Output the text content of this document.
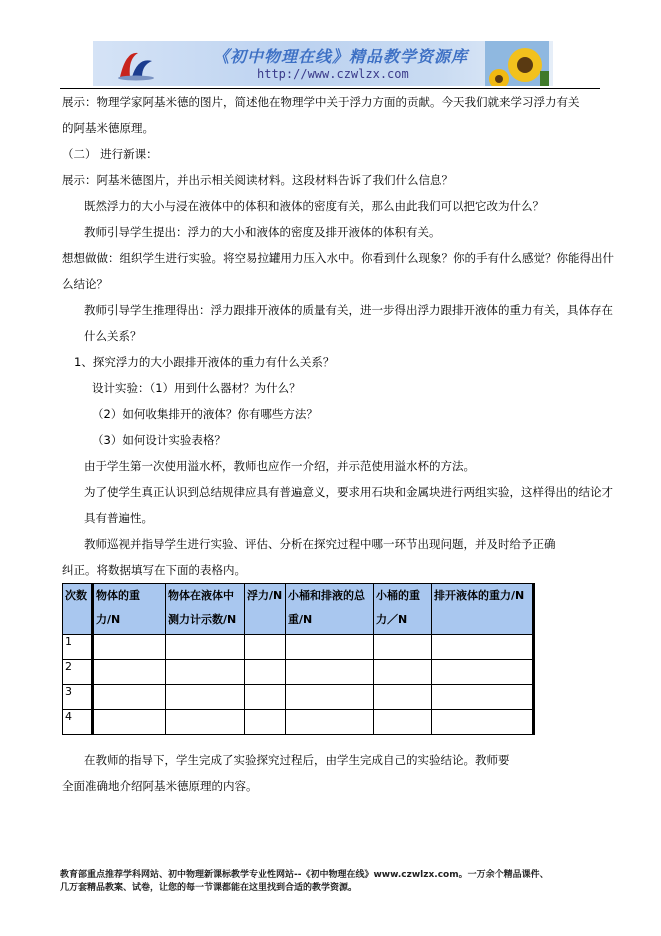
《初中物理在线》精品教学资源库
http://www.czwlzx.com
展示：物理学家阿基米德的图片，简述他在物理学中关于浮力方面的贡献。今天我们就来学习浮力有关
的阿基米德原理。
（二） 进行新课：
展示：阿基米德图片，并出示相关阅读材料。这段材料告诉了我们什么信息？
既然浮力的大小与浸在液体中的体积和液体的密度有关，那么由此我们可以把它改为什么？
教师引导学生提出：浮力的大小和液体的密度及排开液体的体积有关。
想想做做：组织学生进行实验。将空易拉罐用力压入水中。你看到什么现象？你的手有什么感觉？你能得出什
么结论？
教师引导学生推理得出：浮力跟排开液体的质量有关，进一步得出浮力跟排开液体的重力有关，具体存在
什么关系？
1、探究浮力的大小跟排开液体的重力有什么关系？
设计实验：（1）用到什么器材？为什么？
（2）如何收集排开的液体？你有哪些方法？
（3）如何设计实验表格？
由于学生第一次使用溢水杯，教师也应作一介绍，并示范使用溢水杯的方法。
为了使学生真正认识到总结规律应具有普遍意义，要求用石块和金属块进行两组实验，这样得出的结论才
具有普遍性。
教师巡视并指导学生进行实验、评估、分析在探究过程中哪一环节出现问题，并及时给予正确
纠正。将数据填写在下面的表格内。
次数	物体的重力/N	物体在液体中测力计示数/N	浮力/N	小桶和排液的总重/N	小桶的重力／N	排开液体的重力/N
1						
2						
3						
4						
在教师的指导下，学生完成了实验探究过程后，由学生完成自己的实验结论。教师要
全面准确地介绍阿基米德原理的内容。
教育部重点推荐学科网站、初中物理新课标教学专业性网站--《初中物理在线》www.czwlzx.com。一万余个精品课件、
几万套精品教案、试卷，让您的每一节课都能在这里找到合适的教学资源。
